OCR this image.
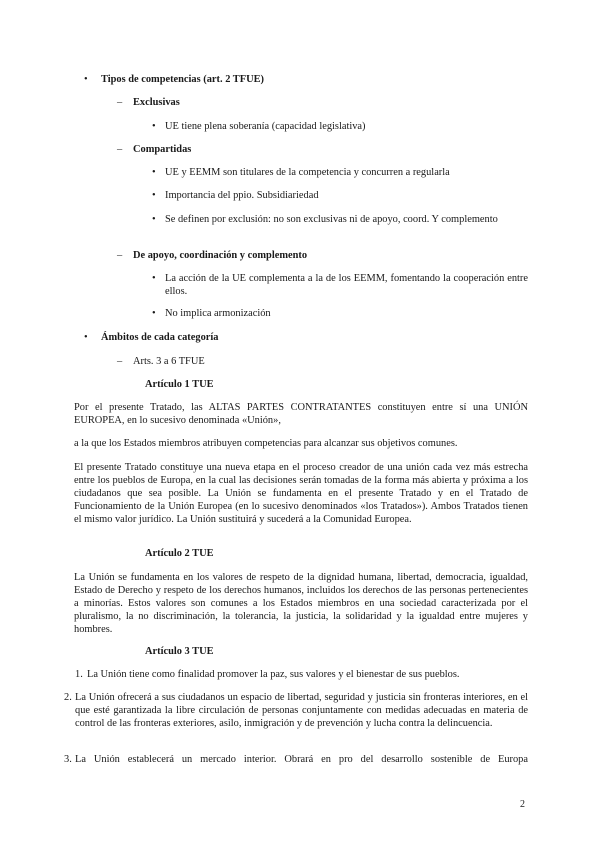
• Tipos de competencias (art. 2 TFUE)
– Exclusivas
• UE tiene plena soberanía (capacidad legislativa)
– Compartidas
• UE y EEMM son titulares de la competencia y concurren a regularla
• Importancia del ppio. Subsidiariedad
• Se definen por exclusión: no son exclusivas ni de apoyo, coord. Y complemento
– De apoyo, coordinación y complemento
• La acción de la UE complementa a la de los EEMM, fomentando la cooperación entre ellos.
• No implica armonización
• Ámbitos de cada categoría
– Arts. 3 a 6 TFUE
Artículo 1 TUE
Por el presente Tratado, las ALTAS PARTES CONTRATANTES constituyen entre sí una UNIÓN EUROPEA, en lo sucesivo denominada «Unión»,
a la que los Estados miembros atribuyen competencias para alcanzar sus objetivos comunes.
El presente Tratado constituye una nueva etapa en el proceso creador de una unión cada vez más estrecha entre los pueblos de Europa, en la cual las decisiones serán tomadas de la forma más abierta y próxima a los ciudadanos que sea posible. La Unión se fundamenta en el presente Tratado y en el Tratado de Funcionamiento de la Unión Europea (en lo sucesivo denominados «los Tratados»). Ambos Tratados tienen el mismo valor jurídico. La Unión sustituirá y sucederá a la Comunidad Europea.
Artículo 2 TUE
La Unión se fundamenta en los valores de respeto de la dignidad humana, libertad, democracia, igualdad, Estado de Derecho y respeto de los derechos humanos, incluidos los derechos de las personas pertenecientes a minorías. Estos valores son comunes a los Estados miembros en una sociedad caracterizada por el pluralismo, la no discriminación, la tolerancia, la justicia, la solidaridad y la igualdad entre mujeres y hombres.
Artículo 3 TUE
1. La Unión tiene como finalidad promover la paz, sus valores y el bienestar de sus pueblos.
2. La Unión ofrecerá a sus ciudadanos un espacio de libertad, seguridad y justicia sin fronteras interiores, en el que esté garantizada la libre circulación de personas conjuntamente con medidas adecuadas en materia de control de las fronteras exteriores, asilo, inmigración y de prevención y lucha contra la delincuencia.
3. La Unión establecerá un mercado interior. Obrará en pro del desarrollo sostenible de Europa
2
